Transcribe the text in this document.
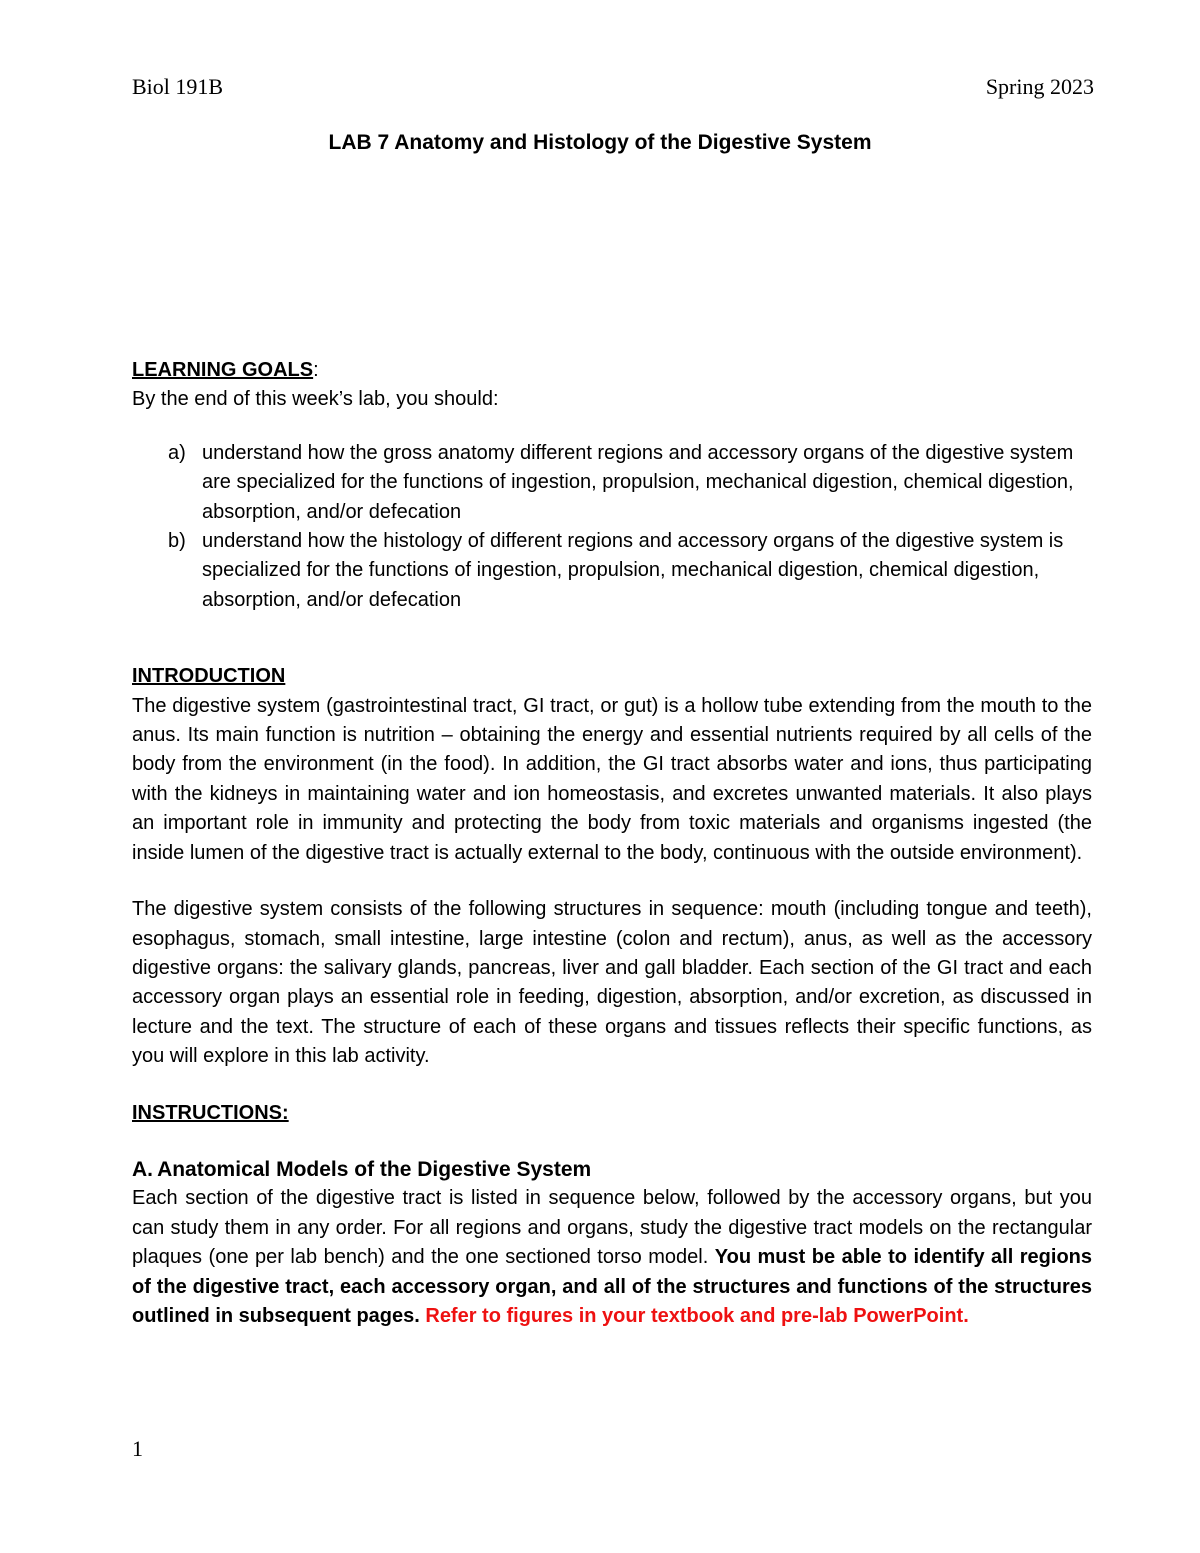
Biol 191B	Spring 2023
LAB 7 Anatomy and Histology of the Digestive System

LEARNING GOALS:

By the end of this week’s lab, you should:

a) understand how the gross anatomy different regions and accessory organs of the digestive system are specialized for the functions of ingestion, propulsion, mechanical digestion, chemical digestion, absorption, and/or defecation
b) understand how the histology of different regions and accessory organs of the digestive system is specialized for the functions of ingestion, propulsion, mechanical digestion, chemical digestion, absorption, and/or defecation

INTRODUCTION

The digestive system (gastrointestinal tract, GI tract, or gut) is a hollow tube extending from the mouth to the anus. Its main function is nutrition – obtaining the energy and essential nutrients required by all cells of the body from the environment (in the food). In addition, the GI tract absorbs water and ions, thus participating with the kidneys in maintaining water and ion homeostasis, and excretes unwanted materials. It also plays an important role in immunity and protecting the body from toxic materials and organisms ingested (the inside lumen of the digestive tract is actually external to the body, continuous with the outside environment).

The digestive system consists of the following structures in sequence: mouth (including tongue and teeth), esophagus, stomach, small intestine, large intestine (colon and rectum), anus, as well as the accessory digestive organs: the salivary glands, pancreas, liver and gall bladder. Each section of the GI tract and each accessory organ plays an essential role in feeding, digestion, absorption, and/or excretion, as discussed in lecture and the text. The structure of each of these organs and tissues reflects their specific functions, as you will explore in this lab activity.

INSTRUCTIONS:

A. Anatomical Models of the Digestive System

Each section of the digestive tract is listed in sequence below, followed by the accessory organs, but you can study them in any order. For all regions and organs, study the digestive tract models on the rectangular plaques (one per lab bench) and the one sectioned torso model. You must be able to identify all regions of the digestive tract, each accessory organ, and all of the structures and functions of the structures outlined in subsequent pages. Refer to figures in your textbook and pre-lab PowerPoint.

1
